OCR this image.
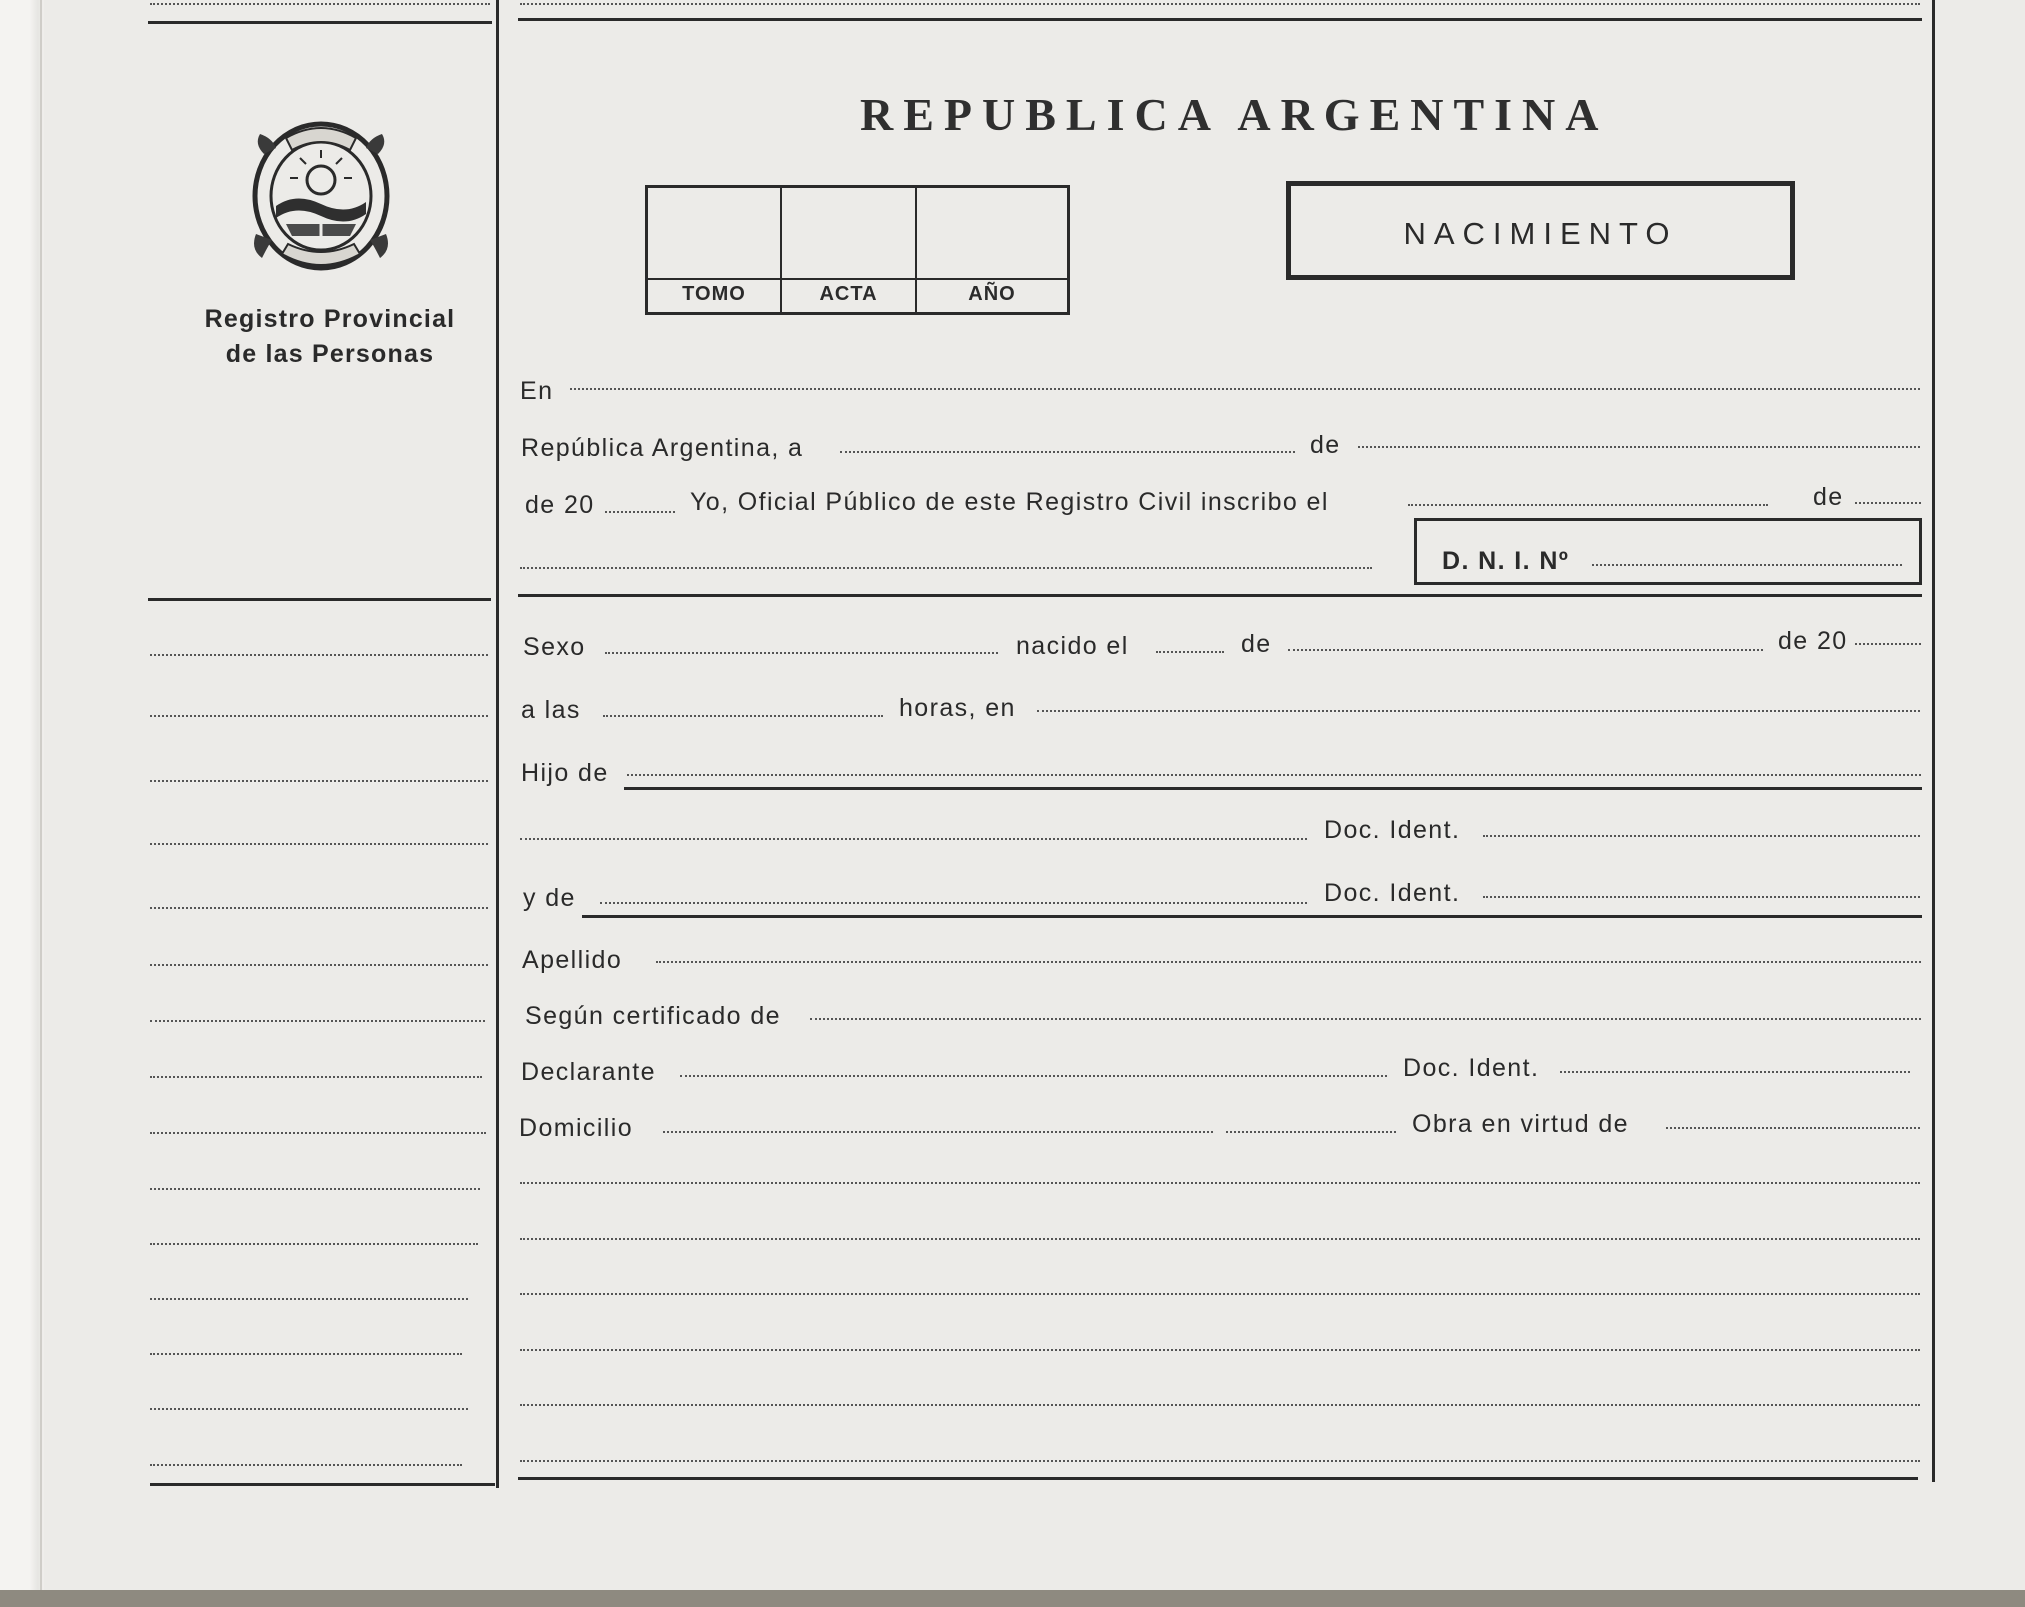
Registro Provincial
de las Personas
REPUBLICA ARGENTINA
TOMO	ACTA	AÑO
NACIMIENTO
En
República Argentina, a	de
de 20	Yo, Oficial Público de este Registro Civil inscribo el	de
D. N. I. Nº
Sexo	nacido el	de	de 20
a las	horas, en
Hijo de
Doc. Ident.
y de	Doc. Ident.
Apellido
Según certificado de
Declarante	Doc. Ident.
Domicilio	Obra en virtud de
